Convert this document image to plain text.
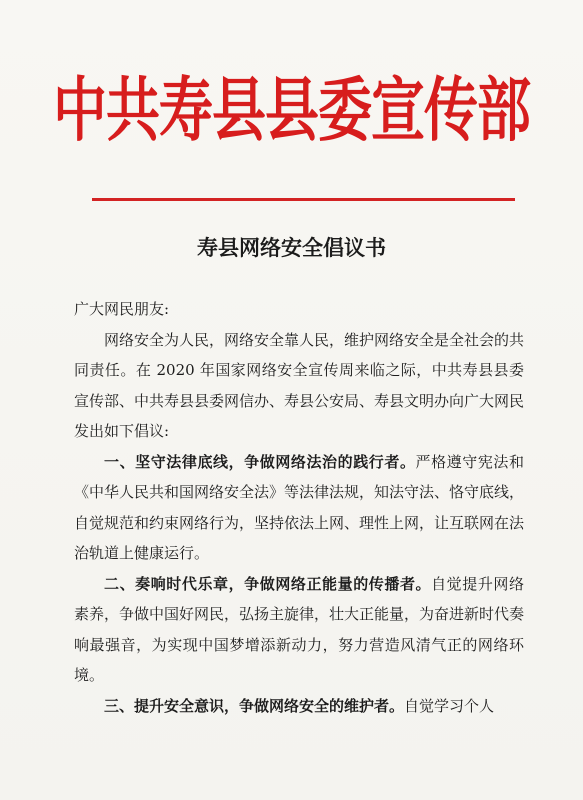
中共寿县县委宣传部
寿县网络安全倡议书

广大网民朋友:

网络安全为人民，网络安全靠人民，维护网络安全是全社会的共同责任。在 2020 年国家网络安全宣传周来临之际，中共寿县县委宣传部、中共寿县县委网信办、寿县公安局、寿县文明办向广大网民发出如下倡议:

一、坚守法律底线，争做网络法治的践行者。严格遵守宪法和《中华人民共和国网络安全法》等法律法规，知法守法、恪守底线，自觉规范和约束网络行为，坚持依法上网、理性上网，让互联网在法治轨道上健康运行。

二、奏响时代乐章，争做网络正能量的传播者。自觉提升网络素养，争做中国好网民，弘扬主旋律，壮大正能量，为奋进新时代奏响最强音，为实现中国梦增添新动力，努力营造风清气正的网络环境。

三、提升安全意识，争做网络安全的维护者。自觉学习个人
